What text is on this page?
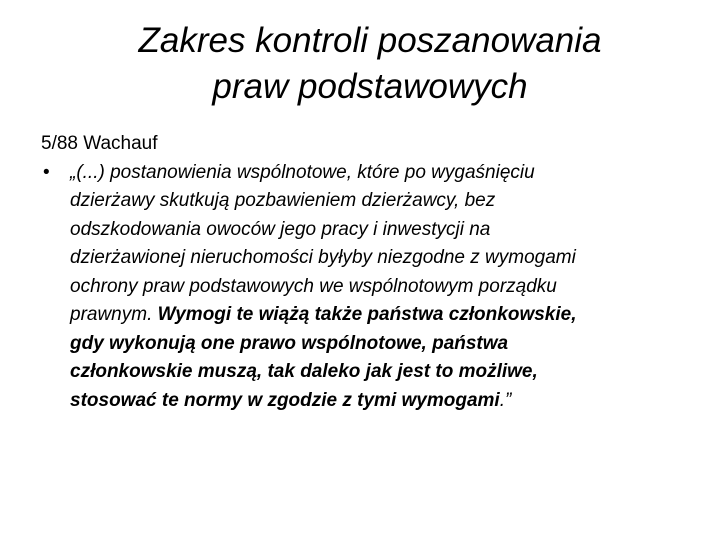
Zakres kontroli poszanowania
praw podstawowych

5/88 Wachauf

•	„(...) postanowienia wspólnotowe, które po wygaśnięciu
dzierżawy skutkują pozbawieniem dzierżawcy, bez
odszkodowania owoców jego pracy i inwestycji na
dzierżawionej nieruchomości byłyby niezgodne z wymogami
ochrony praw podstawowych we wspólnotowym porządku
prawnym. Wymogi te wiążą także państwa członkowskie,
gdy wykonują one prawo wspólnotowe, państwa
członkowskie muszą, tak daleko jak jest to możliwe,
stosować te normy w zgodzie z tymi wymogami.”
